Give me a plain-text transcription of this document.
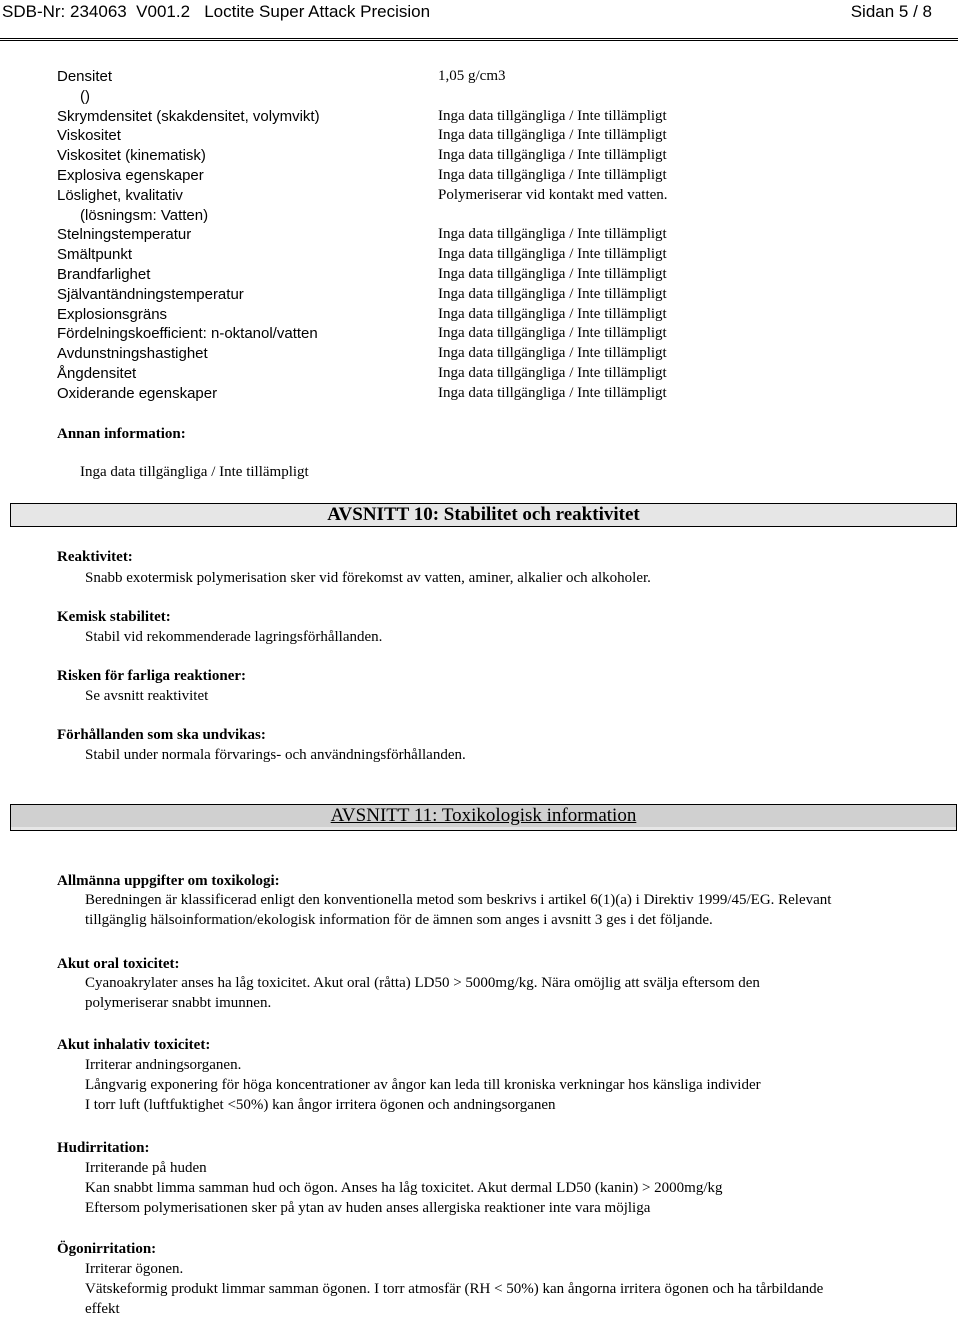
SDB-Nr: 234063  V001.2   Loctite Super Attack Precision	Sidan 5 / 8
Densitet	1,05 g/cm3
()
Skrymdensitet (skakdensitet, volymvikt)	Inga data tillgängliga / Inte tillämpligt
Viskositet	Inga data tillgängliga / Inte tillämpligt
Viskositet (kinematisk)	Inga data tillgängliga / Inte tillämpligt
Explosiva egenskaper	Inga data tillgängliga / Inte tillämpligt
Löslighet, kvalitativ	Polymeriserar vid kontakt med vatten.
(lösningsm: Vatten)
Stelningstemperatur	Inga data tillgängliga / Inte tillämpligt
Smältpunkt	Inga data tillgängliga / Inte tillämpligt
Brandfarlighet	Inga data tillgängliga / Inte tillämpligt
Självantändningstemperatur	Inga data tillgängliga / Inte tillämpligt
Explosionsgräns	Inga data tillgängliga / Inte tillämpligt
Fördelningskoefficient: n-oktanol/vatten	Inga data tillgängliga / Inte tillämpligt
Avdunstningshastighet	Inga data tillgängliga / Inte tillämpligt
Ångdensitet	Inga data tillgängliga / Inte tillämpligt
Oxiderande egenskaper	Inga data tillgängliga / Inte tillämpligt
Annan information:
Inga data tillgängliga / Inte tillämpligt
AVSNITT 10: Stabilitet och reaktivitet
Reaktivitet:
Snabb exotermisk polymerisation sker vid förekomst av vatten, aminer, alkalier och alkoholer.
Kemisk stabilitet:
Stabil vid rekommenderade lagringsförhållanden.
Risken för farliga reaktioner:
Se avsnitt reaktivitet
Förhållanden som ska undvikas:
Stabil under normala förvarings- och användningsförhållanden.
AVSNITT 11: Toxikologisk information
Allmänna uppgifter om toxikologi:
Beredningen är klassificerad enligt den konventionella metod som beskrivs i artikel 6(1)(a) i Direktiv 1999/45/EG. Relevant
tillgänglig hälsoinformation/ekologisk information för de ämnen som anges i avsnitt 3 ges i det följande.
Akut oral toxicitet:
Cyanoakrylater anses ha låg toxicitet. Akut oral (råtta) LD50 > 5000mg/kg. Nära omöjlig att svälja eftersom den
polymeriserar snabbt imunnen.
Akut inhalativ toxicitet:
Irriterar andningsorganen.
Långvarig exponering för höga koncentrationer av ångor kan leda till kroniska verkningar hos känsliga individer
I torr luft (luftfuktighet <50%) kan ångor irritera ögonen och andningsorganen
Hudirritation:
Irriterande på huden
Kan snabbt limma samman hud och ögon. Anses ha låg toxicitet. Akut dermal LD50 (kanin) > 2000mg/kg
Eftersom polymerisationen sker på ytan av huden anses allergiska reaktioner inte vara möjliga
Ögonirritation:
Irriterar ögonen.
Vätskeformig produkt limmar samman ögonen. I torr atmosfär (RH < 50%) kan ångorna irritera ögonen och ha tårbildande
effekt
